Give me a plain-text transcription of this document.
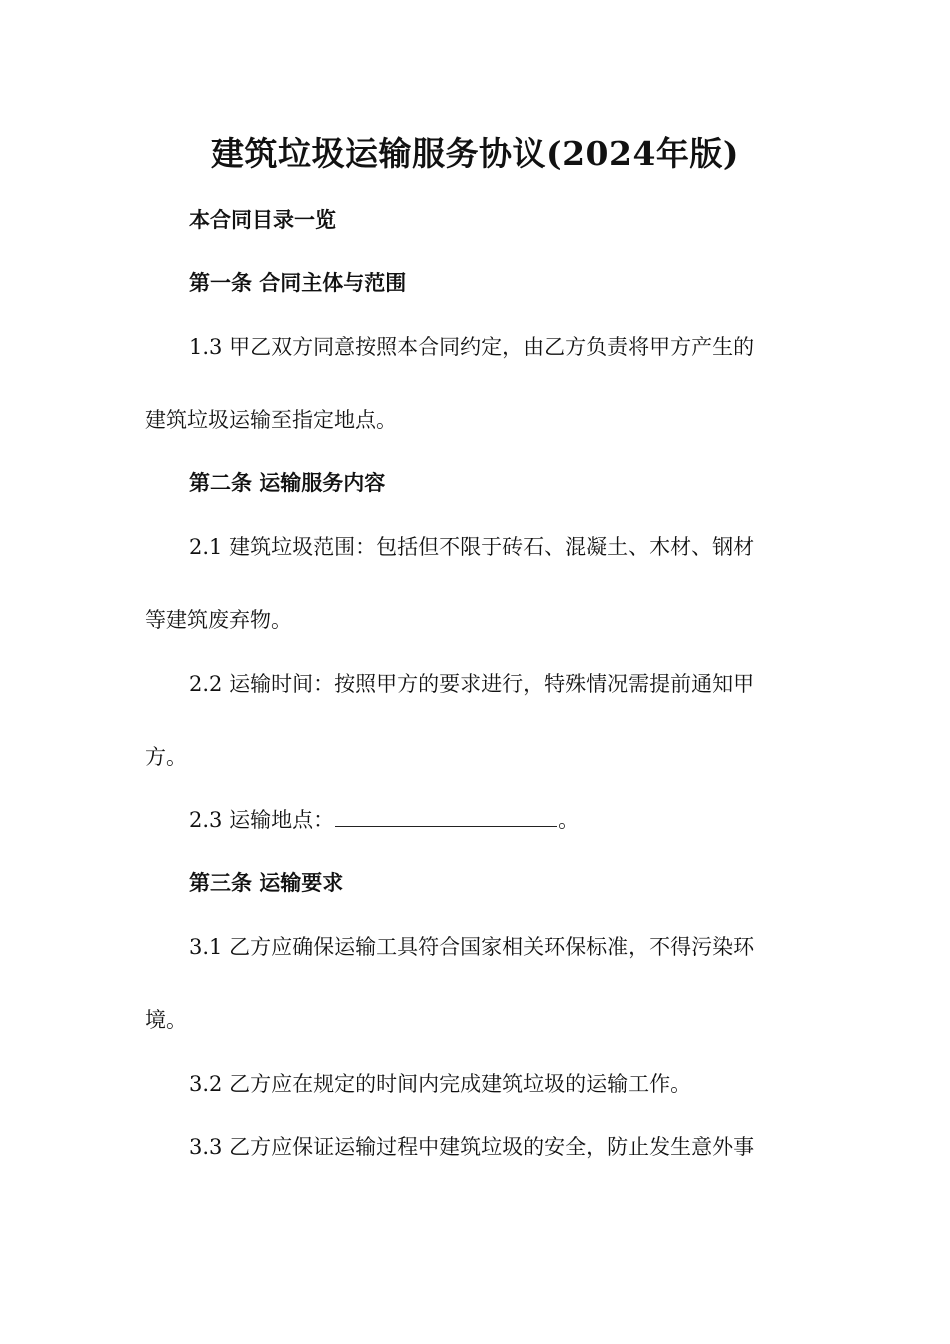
建筑垃圾运输服务协议(2024年版)
本合同目录一览
第一条 合同主体与范围
1.3 甲乙双方同意按照本合同约定，由乙方负责将甲方产生的
建筑垃圾运输至指定地点。
第二条 运输服务内容
2.1 建筑垃圾范围：包括但不限于砖石、混凝土、木材、钢材
等建筑废弃物。
2.2 运输时间：按照甲方的要求进行，特殊情况需提前通知甲
方。
2.3 运输地点：	。
第三条 运输要求
3.1 乙方应确保运输工具符合国家相关环保标准，不得污染环
境。
3.2 乙方应在规定的时间内完成建筑垃圾的运输工作。
3.3 乙方应保证运输过程中建筑垃圾的安全，防止发生意外事
